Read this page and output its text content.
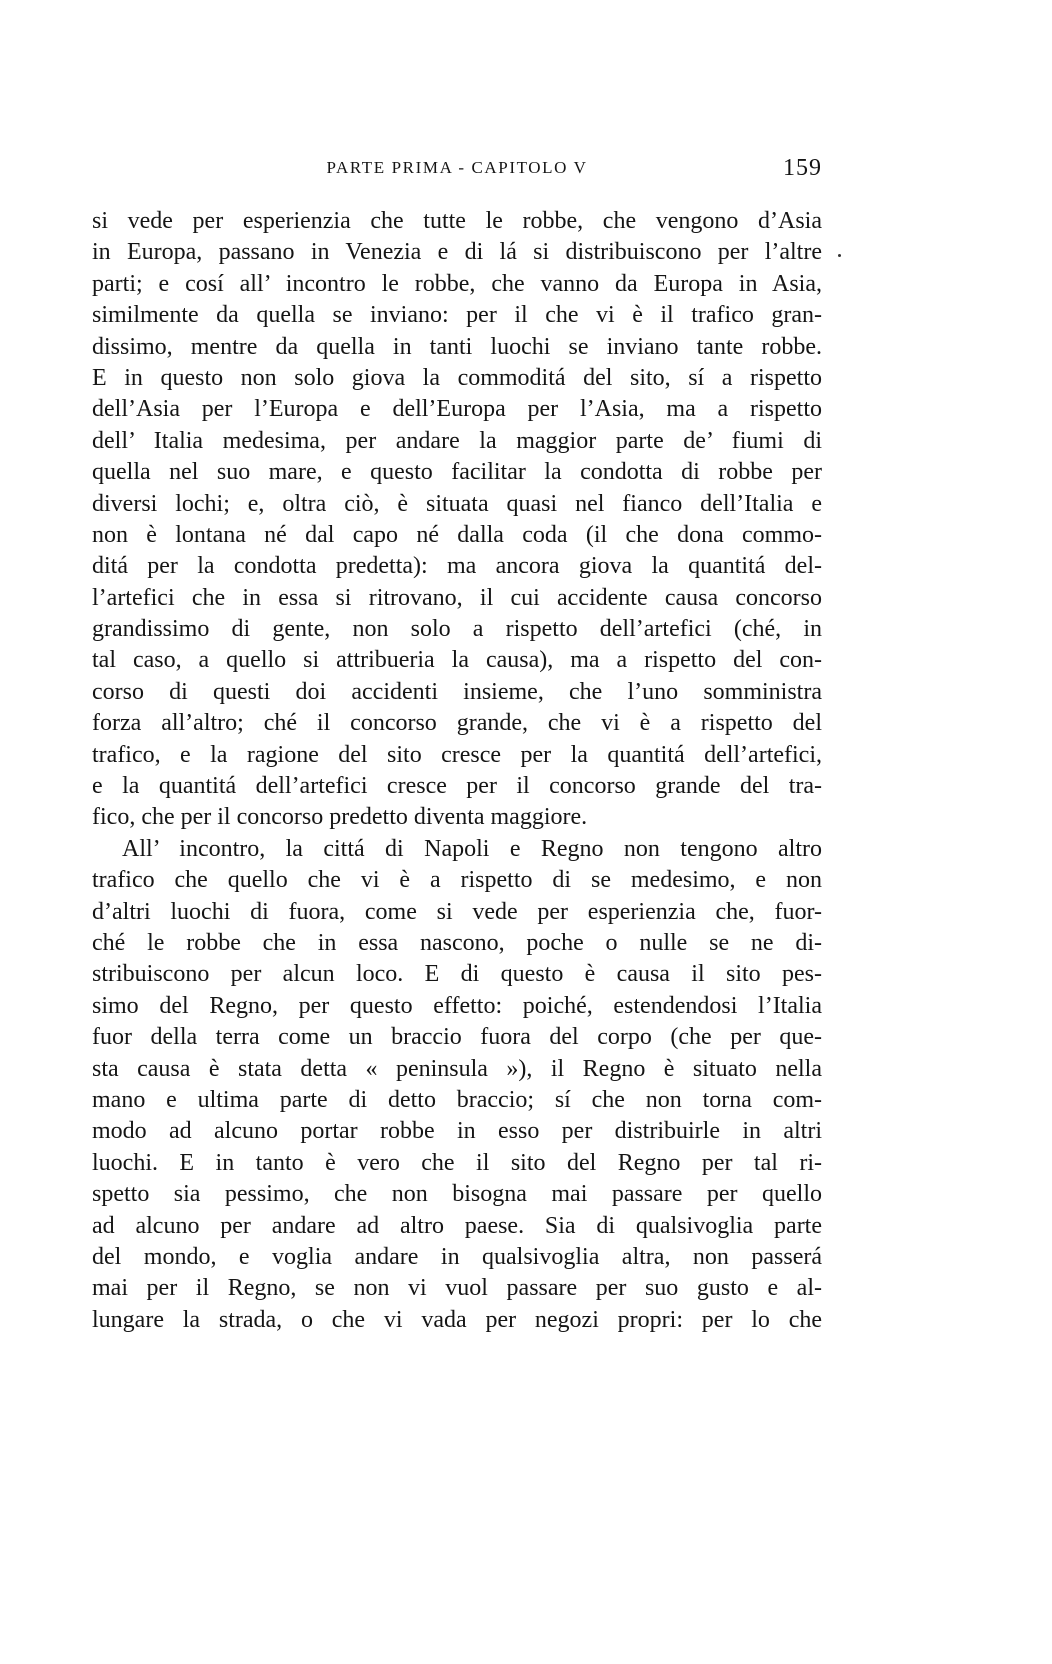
PARTE PRIMA - CAPITOLO V	159
si vede per esperienzia che tutte le robbe, che vengono d’Asia
in Europa, passano in Venezia e di lá si distribuiscono per l’altre
parti; e cosí all’ incontro le robbe, che vanno da Europa in Asia,
similmente da quella se inviano: per il che vi è il trafico gran-
dissimo, mentre da quella in tanti luochi se inviano tante robbe.
E in questo non solo giova la commoditá del sito, sí a rispetto
dell’Asia per l’Europa e dell’Europa per l’Asia, ma a rispetto
dell’ Italia medesima, per andare la maggior parte de’ fiumi di
quella nel suo mare, e questo facilitar la condotta di robbe per
diversi lochi; e, oltra ciò, è situata quasi nel fianco dell’Italia e
non è lontana né dal capo né dalla coda (il che dona commo-
ditá per la condotta predetta): ma ancora giova la quantitá del-
l’artefici che in essa si ritrovano, il cui accidente causa concorso
grandissimo di gente, non solo a rispetto dell’artefici (ché, in
tal caso, a quello si attribueria la causa), ma a rispetto del con-
corso di questi doi accidenti insieme, che l’uno somministra
forza all’altro; ché il concorso grande, che vi è a rispetto del
trafico, e la ragione del sito cresce per la quantitá dell’artefici,
e la quantitá dell’artefici cresce per il concorso grande del tra-
fico, che per il concorso predetto diventa maggiore.
All’ incontro, la cittá di Napoli e Regno non tengono altro
trafico che quello che vi è a rispetto di se medesimo, e non
d’altri luochi di fuora, come si vede per esperienzia che, fuor-
ché le robbe che in essa nascono, poche o nulle se ne di-
stribuiscono per alcun loco. E di questo è causa il sito pes-
simo del Regno, per questo effetto: poiché, estendendosi l’Italia
fuor della terra come un braccio fuora del corpo (che per que-
sta causa è stata detta « peninsula »), il Regno è situato nella
mano e ultima parte di detto braccio; sí che non torna com-
modo ad alcuno portar robbe in esso per distribuirle in altri
luochi. E in tanto è vero che il sito del Regno per tal ri-
spetto sia pessimo, che non bisogna mai passare per quello
ad alcuno per andare ad altro paese. Sia di qualsivoglia parte
del mondo, e voglia andare in qualsivoglia altra, non passerá
mai per il Regno, se non vi vuol passare per suo gusto e al-
lungare la strada, o che vi vada per negozi propri: per lo che
